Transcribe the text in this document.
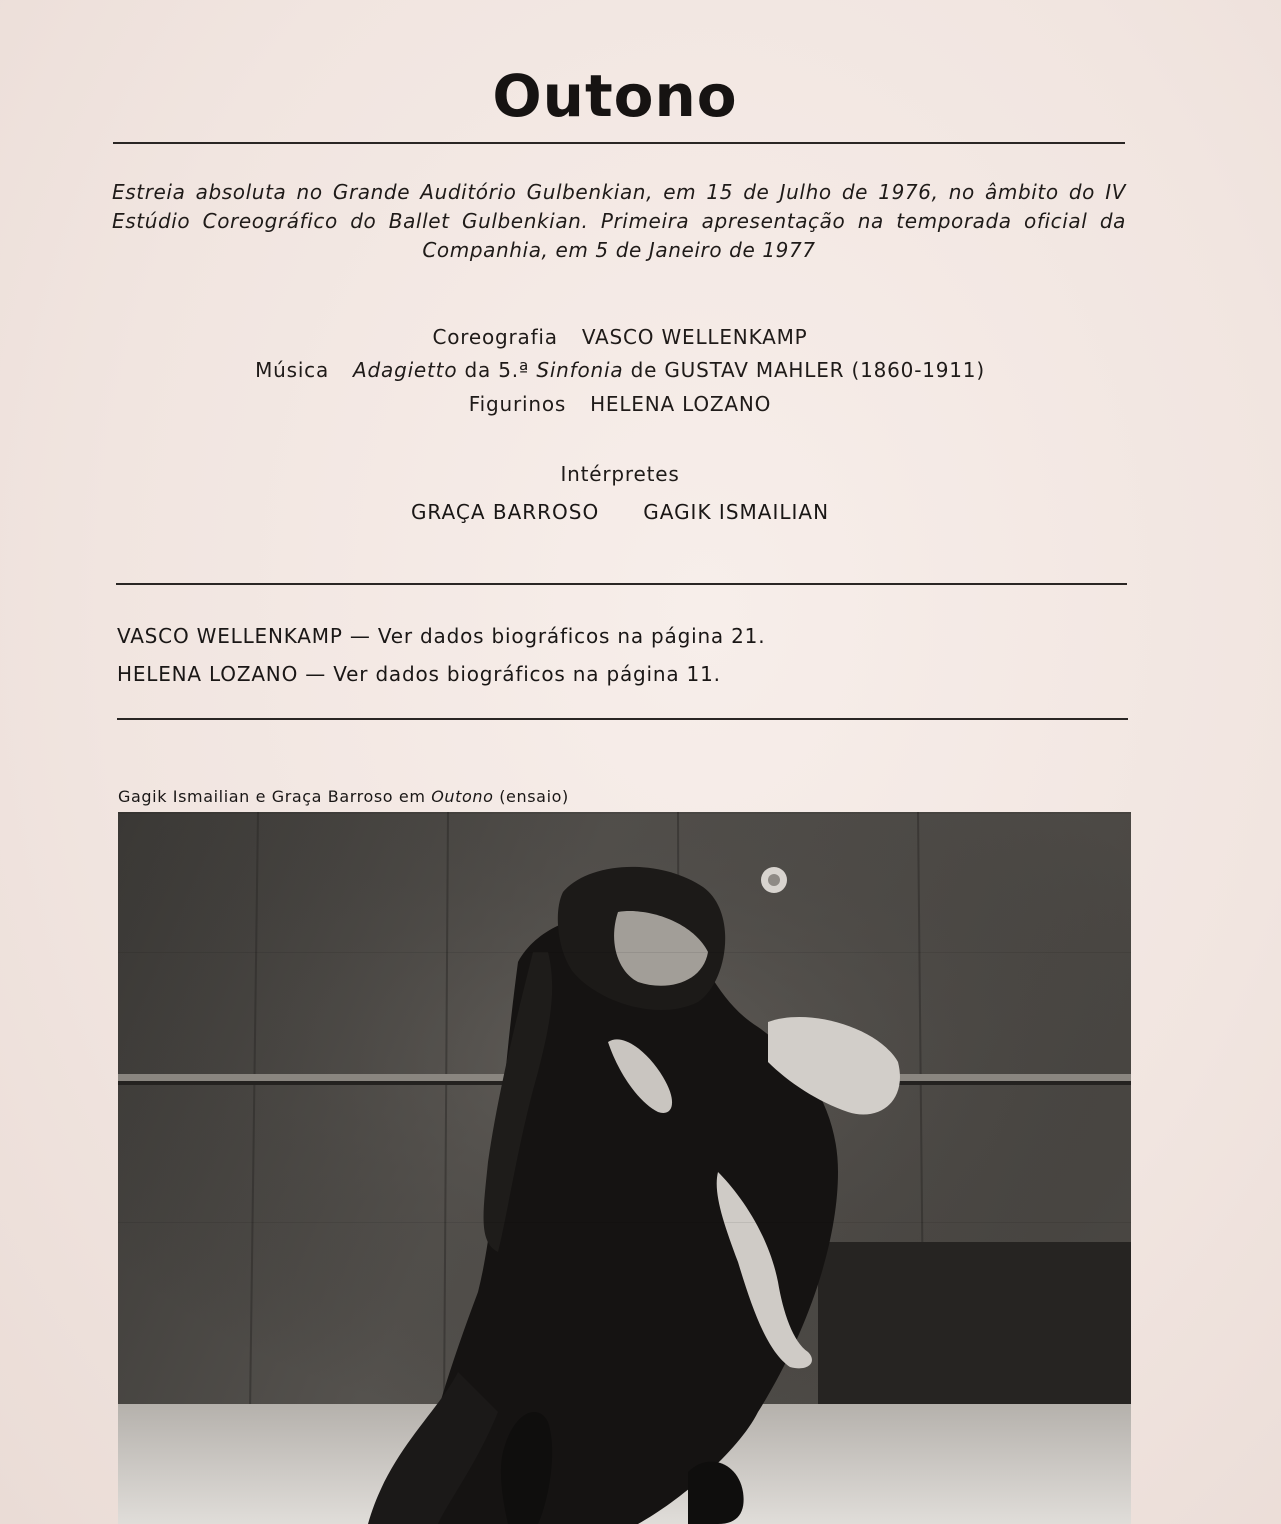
Outono
Estreia absoluta no Grande Auditório Gulbenkian, em 15 de Julho de 1976, no âmbito do IV Estúdio Coreográfico do Ballet Gulbenkian. Primeira apresentação na temporada oficial da Companhia, em 5 de Janeiro de 1977
Coreografia VASCO WELLENKAMP
Música Adagietto da 5.ª Sinfonia de GUSTAV MAHLER (1860-1911)
Figurinos HELENA LOZANO
Intérpretes
GRAÇA BARROSO GAGIK ISMAILIAN
VASCO WELLENKAMP — Ver dados biográficos na página 21.
HELENA LOZANO — Ver dados biográficos na página 11.
Gagik Ismailian e Graça Barroso em Outono (ensaio)
